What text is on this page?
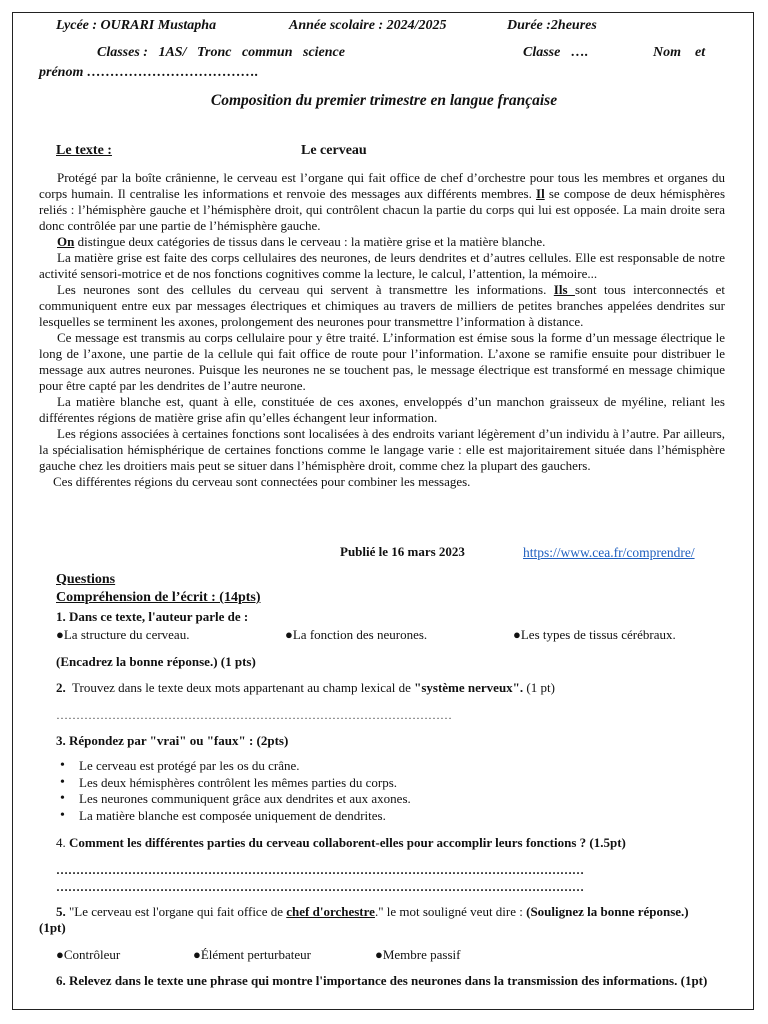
Lycée : OURARI Mustapha	Année scolaire : 2024/2025	Durée :2heures
Classes :   1AS/   Tronc   commun   science	Classe   ….	Nom    et
prénom ……………………………….
Composition du premier trimestre en langue française
Le texte :	Le cerveau

Protégé par la boîte crânienne, le cerveau est l’organe qui fait office de chef d’orchestre pour tous les membres et organes du corps humain. Il centralise les informations et renvoie des messages aux différents membres. Il se compose de deux hémisphères reliés : l’hémisphère gauche et l’hémisphère droit, qui contrôlent chacun la partie du corps qui lui est opposée. La main droite sera donc contrôlée par une partie de l’hémisphère gauche.

On distingue deux catégories de tissus dans le cerveau : la matière grise et la matière blanche.

La matière grise est faite des corps cellulaires des neurones, de leurs dendrites et d’autres cellules. Elle est responsable de notre activité sensori-motrice et de nos fonctions cognitives comme la lecture, le calcul, l’attention, la mémoire...

Les neurones sont des cellules du cerveau qui servent à transmettre les informations. Ils sont tous interconnectés et communiquent entre eux par messages électriques et chimiques au travers de milliers de petites branches appelées dendrites sur lesquelles se terminent les axones, prolongement des neurones pour transmettre l’information à distance.

Ce message est transmis au corps cellulaire pour y être traité. L’information est émise sous la forme d’un message électrique le long de l’axone, une partie de la cellule qui fait office de route pour l’information. L’axone se ramifie ensuite pour distribuer le message aux autres neurones. Puisque les neurones ne se touchent pas, le message électrique est transformé en message chimique pour être capté par les dendrites de l’autre neurone.

La matière blanche est, quant à elle, constituée de ces axones, enveloppés d’un manchon graisseux de myéline, reliant les différentes régions de matière grise afin qu’elles échangent leur information.

Les régions associées à certaines fonctions sont localisées à des endroits variant légèrement d’un individu à l’autre. Par ailleurs, la spécialisation hémisphérique de certaines fonctions comme le langage varie : elle est majoritairement située dans l’hémisphère gauche chez les droitiers mais peut se situer dans l’hémisphère droit, comme chez la plupart des gauchers.

Ces différentes régions du cerveau sont connectées pour combiner les messages.

Publié le 16 mars 2023	https://www.cea.fr/comprendre/
Questions
Compréhension de l’écrit : (14pts)
1. Dans ce texte, l'auteur parle de :
●La structure du cerveau.	●La fonction des neurones.	●Les types de tissus cérébraux.
(Encadrez la bonne réponse.) (1 pts)
2. Trouvez dans le texte deux mots appartenant au champ lexical de "système nerveux". (1 pt)
………………………………………………………………………………………
3. Répondez par "vrai" ou "faux" : (2pts)
• Le cerveau est protégé par les os du crâne.
• Les deux hémisphères contrôlent les mêmes parties du corps.
• Les neurones communiquent grâce aux dendrites et aux axones.
• La matière blanche est composée uniquement de dendrites.
4. Comment les différentes parties du cerveau collaborent-elles pour accomplir leurs fonctions ? (1.5pt)
……………………………………………………………………………………………………………………
……………………………………………………………………………………………………………………
5. "Le cerveau est l'organe qui fait office de chef d'orchestre." le mot souligné veut dire : (Soulignez la bonne réponse.) (1pt)
●Contrôleur	●Élément perturbateur	●Membre passif
6. Relevez dans le texte une phrase qui montre l'importance des neurones dans la transmission des informations. (1pt)
